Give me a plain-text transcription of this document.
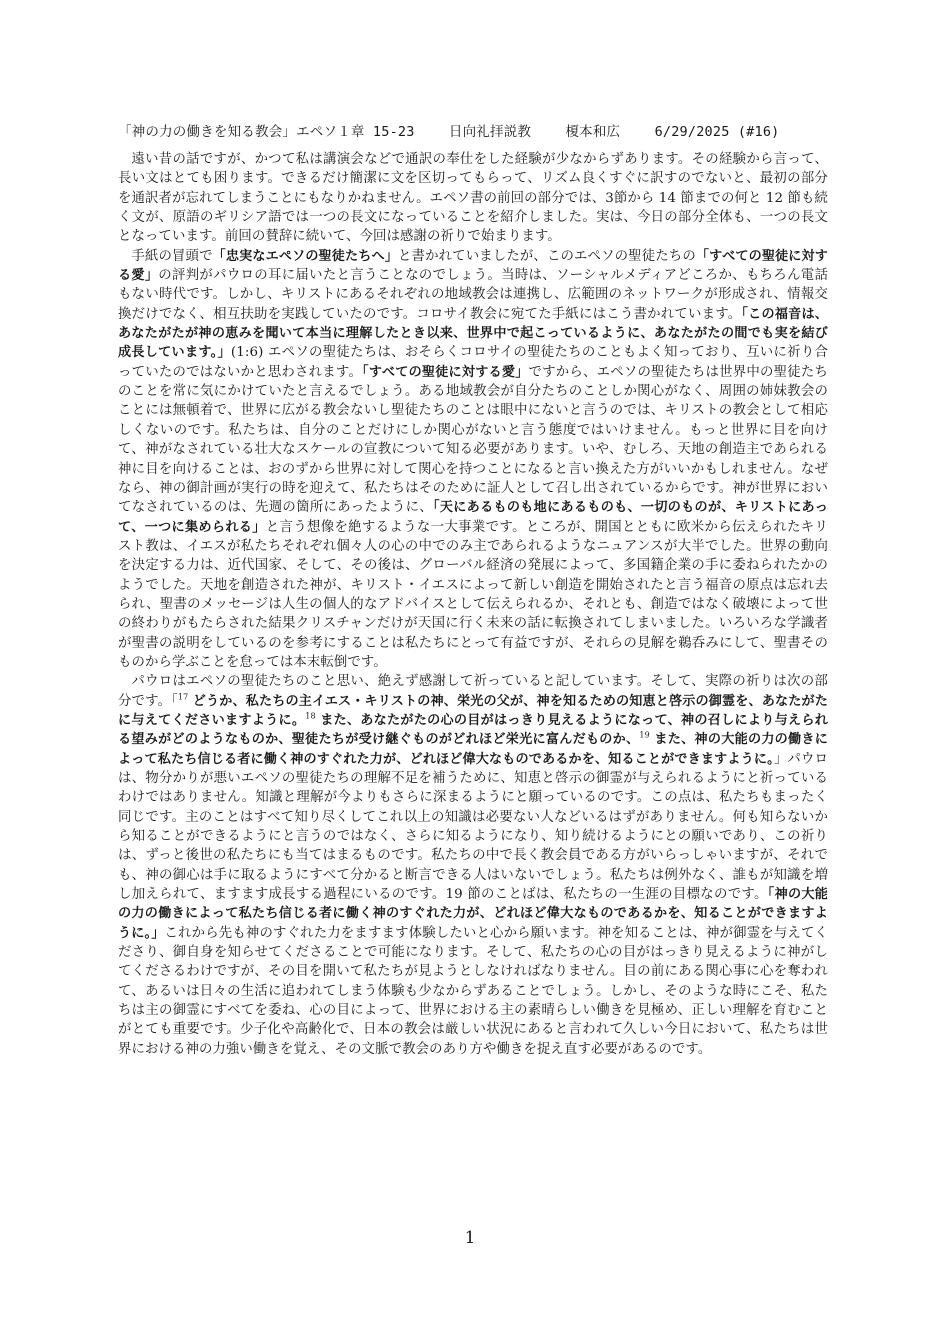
「神の力の働きを知る教会」エペソ１章 15-23	日向礼拝説教	榎本和広	6/29/2025 (#16)

遠い昔の話ですが、かつて私は講演会などで通訳の奉仕をした経験が少なからずあります。その経験から言って、長い文はとても困ります。できるだけ簡潔に文を区切ってもらって、リズム良くすぐに訳すのでないと、最初の部分を通訳者が忘れてしまうことにもなりかねません。エペソ書の前回の部分では、3節から 14 節までの何と 12 節も続く文が、原語のギリシア語では一つの長文になっていることを紹介しました。実は、今日の部分全体も、一つの長文となっています。前回の賛辞に続いて、今回は感謝の祈りで始まります。

手紙の冒頭で「忠実なエペソの聖徒たちへ」と書かれていましたが、このエペソの聖徒たちの「すべての聖徒に対する愛」の評判がパウロの耳に届いたと言うことなのでしょう。当時は、ソーシャルメディアどころか、もちろん電話もない時代です。しかし、キリストにあるそれぞれの地域教会は連携し、広範囲のネットワークが形成され、情報交換だけでなく、相互扶助を実践していたのです。コロサイ教会に宛てた手紙にはこう書かれています。「この福音は、あなたがたが神の恵みを聞いて本当に理解したとき以来、世界中で起こっているように、あなたがたの間でも実を結び成長しています。」(1:6) エペソの聖徒たちは、おそらくコロサイの聖徒たちのこともよく知っており、互いに祈り合っていたのではないかと思わされます。「すべての聖徒に対する愛」ですから、エペソの聖徒たちは世界中の聖徒たちのことを常に気にかけていたと言えるでしょう。ある地域教会が自分たちのことしか関心がなく、周囲の姉妹教会のことには無頓着で、世界に広がる教会ないし聖徒たちのことは眼中にないと言うのでは、キリストの教会として相応しくないのです。私たちは、自分のことだけにしか関心がないと言う態度ではいけません。もっと世界に目を向けて、神がなされている壮大なスケールの宣教について知る必要があります。いや、むしろ、天地の創造主であられる神に目を向けることは、おのずから世界に対して関心を持つことになると言い換えた方がいいかもしれません。なぜなら、神の御計画が実行の時を迎えて、私たちはそのために証人として召し出されているからです。神が世界においてなされているのは、先週の箇所にあったように、「天にあるものも地にあるものも、一切のものが、キリストにあって、一つに集められる」と言う想像を絶するような一大事業です。ところが、開国とともに欧米から伝えられたキリスト教は、イエスが私たちそれぞれ個々人の心の中でのみ主であられるようなニュアンスが大半でした。世界の動向を決定する力は、近代国家、そして、その後は、グローバル経済の発展によって、多国籍企業の手に委ねられたかのようでした。天地を創造された神が、キリスト・イエスによって新しい創造を開始されたと言う福音の原点は忘れ去られ、聖書のメッセージは人生の個人的なアドバイスとして伝えられるか、それとも、創造ではなく破壊によって世の終わりがもたらされた結果クリスチャンだけが天国に行く未来の話に転換されてしまいました。いろいろな学識者が聖書の説明をしているのを参考にすることは私たちにとって有益ですが、それらの見解を鵜呑みにして、聖書そのものから学ぶことを怠っては本末転倒です。

パウロはエペソの聖徒たちのこと思い、絶えず感謝して祈っていると記しています。そして、実際の祈りは次の部分です。「$^{17}$ どうか、私たちの主イエス・キリストの神、栄光の父が、神を知るための知恵と啓示の御霊を、あなたがたに与えてくださいますように。$^{18}$ また、あなたがたの心の目がはっきり見えるようになって、神の召しにより与えられる望みがどのようなものか、聖徒たちが受け継ぐものがどれほど栄光に富んだものか、$^{19}$ また、神の大能の力の働きによって私たち信じる者に働く神のすぐれた力が、どれほど偉大なものであるかを、知ることができますように。」パウロは、物分かりが悪いエペソの聖徒たちの理解不足を補うために、知恵と啓示の御霊が与えられるようにと祈っているわけではありません。知識と理解が今よりもさらに深まるようにと願っているのです。この点は、私たちもまったく同じです。主のことはすべて知り尽くしてこれ以上の知識は必要ない人などいるはずがありません。何も知らないから知ることができるようにと言うのではなく、さらに知るようになり、知り続けるようにとの願いであり、この祈りは、ずっと後世の私たちにも当てはまるものです。私たちの中で長く教会員である方がいらっしゃいますが、それでも、神の御心は手に取るようにすべて分かると断言できる人はいないでしょう。私たちは例外なく、誰もが知識を増し加えられて、ますます成長する過程にいるのです。19 節のことばは、私たちの一生涯の目標なのです。「神の大能の力の働きによって私たち信じる者に働く神のすぐれた力が、どれほど偉大なものであるかを、知ることができますように。」これから先も神のすぐれた力をますます体験したいと心から願います。神を知ることは、神が御霊を与えてくださり、御自身を知らせてくださることで可能になります。そして、私たちの心の目がはっきり見えるように神がしてくださるわけですが、その目を開いて私たちが見ようとしなければなりません。目の前にある関心事に心を奪われて、あるいは日々の生活に追われてしまう体験も少なからずあることでしょう。しかし、そのような時にこそ、私たちは主の御霊にすべてを委ね、心の目によって、世界における主の素晴らしい働きを見極め、正しい理解を育むことがとても重要です。少子化や高齢化で、日本の教会は厳しい状況にあると言われて久しい今日において、私たちは世界における神の力強い働きを覚え、その文脈で教会のあり方や働きを捉え直す必要があるのです。

1
